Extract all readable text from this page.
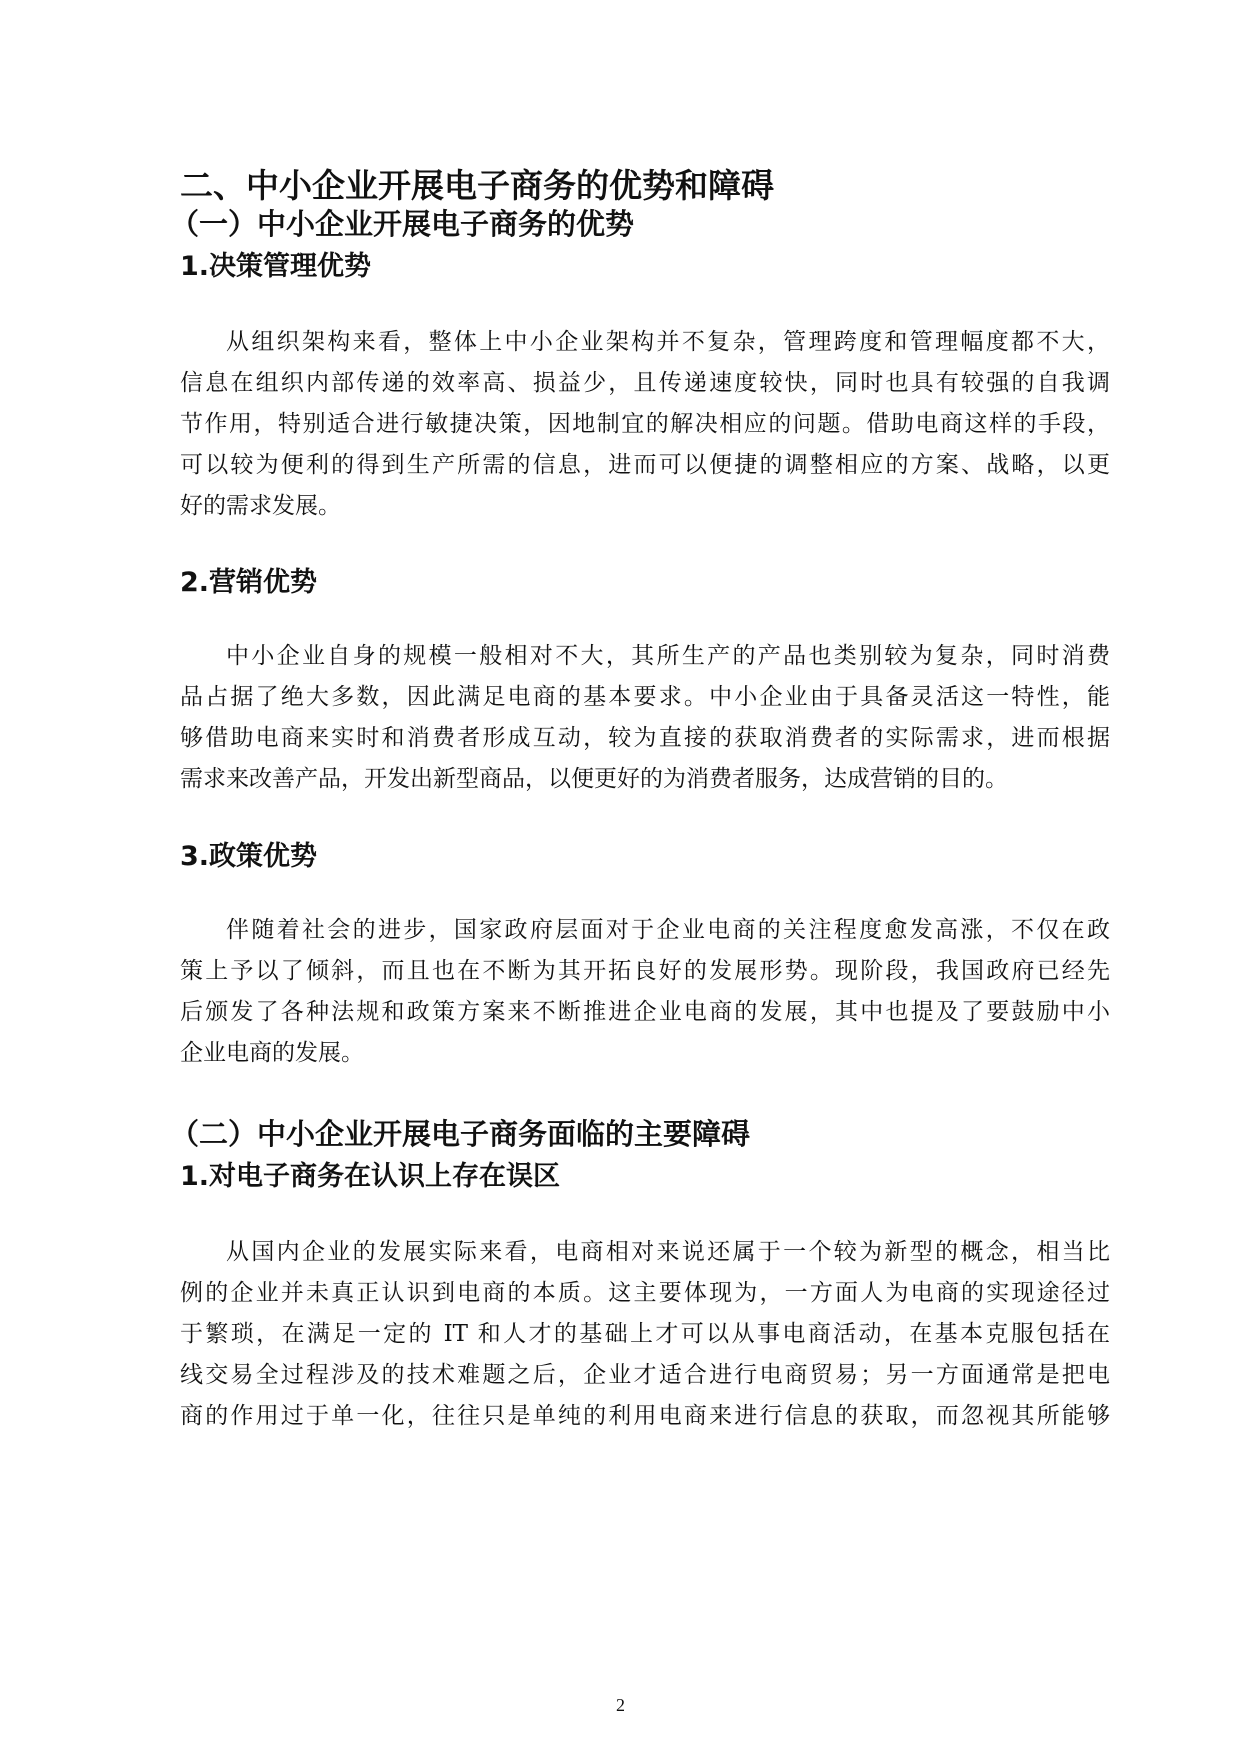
二、中小企业开展电子商务的优势和障碍
（一）中小企业开展电子商务的优势
1.决策管理优势
从组织架构来看，整体上中小企业架构并不复杂，管理跨度和管理幅度都不大，
信息在组织内部传递的效率高、损益少，且传递速度较快，同时也具有较强的自我调
节作用，特别适合进行敏捷决策，因地制宜的解决相应的问题。借助电商这样的手段，
可以较为便利的得到生产所需的信息，进而可以便捷的调整相应的方案、战略，以更
好的需求发展。
2.营销优势
中小企业自身的规模一般相对不大，其所生产的产品也类别较为复杂，同时消费
品占据了绝大多数，因此满足电商的基本要求。中小企业由于具备灵活这一特性，能
够借助电商来实时和消费者形成互动，较为直接的获取消费者的实际需求，进而根据
需求来改善产品，开发出新型商品，以便更好的为消费者服务，达成营销的目的。
3.政策优势
伴随着社会的进步，国家政府层面对于企业电商的关注程度愈发高涨，不仅在政
策上予以了倾斜，而且也在不断为其开拓良好的发展形势。现阶段，我国政府已经先
后颁发了各种法规和政策方案来不断推进企业电商的发展，其中也提及了要鼓励中小
企业电商的发展。
（二）中小企业开展电子商务面临的主要障碍
1.对电子商务在认识上存在误区
从国内企业的发展实际来看，电商相对来说还属于一个较为新型的概念，相当比
例的企业并未真正认识到电商的本质。这主要体现为，一方面人为电商的实现途径过
于繁琐，在满足一定的 IT 和人才的基础上才可以从事电商活动，在基本克服包括在
线交易全过程涉及的技术难题之后，企业才适合进行电商贸易；另一方面通常是把电
商的作用过于单一化，往往只是单纯的利用电商来进行信息的获取，而忽视其所能够
2
